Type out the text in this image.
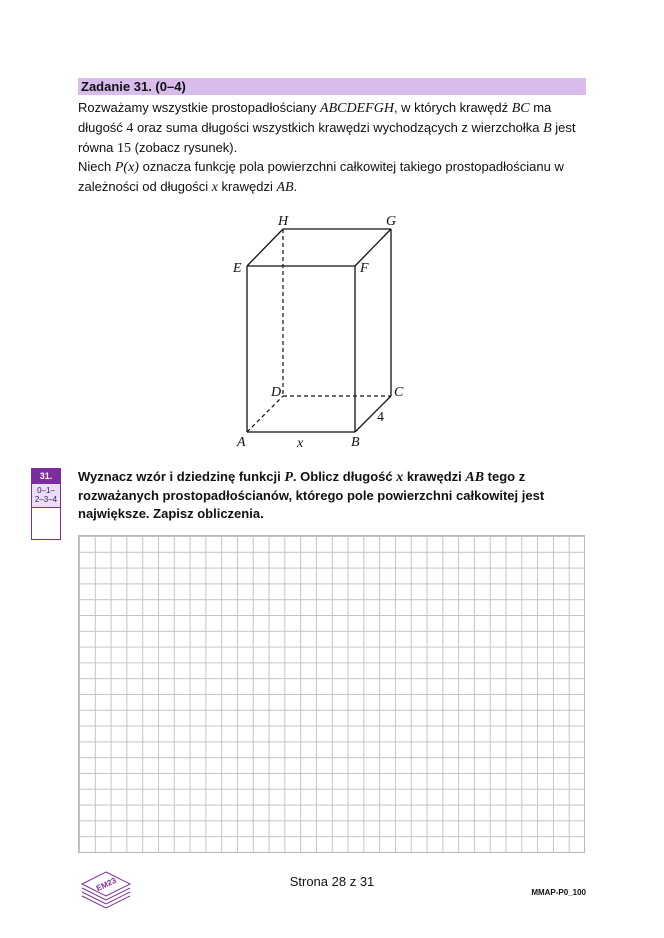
Zadanie 31. (0–4)
Rozważamy wszystkie prostopadłościany ABCDEFGH, w których krawędź BC ma długość 4 oraz suma długości wszystkich krawędzi wychodzących z wierzchołka B jest równa 15 (zobacz rysunek).
Niech P(x) oznacza funkcję pola powierzchni całkowitej takiego prostopadłościanu w zależności od długości x krawędzi AB.
A	B
C
D
E	F
G
H
x
4
31.
0–1–
2–3–4
Wyznacz wzór i dziedzinę funkcji P. Oblicz długość x krawędzi AB tego z rozważanych prostopadłościanów, którego pole powierzchni całkowitej jest największe. Zapisz obliczenia.
EM23	Strona 28 z 31
MMAP-P0_100
